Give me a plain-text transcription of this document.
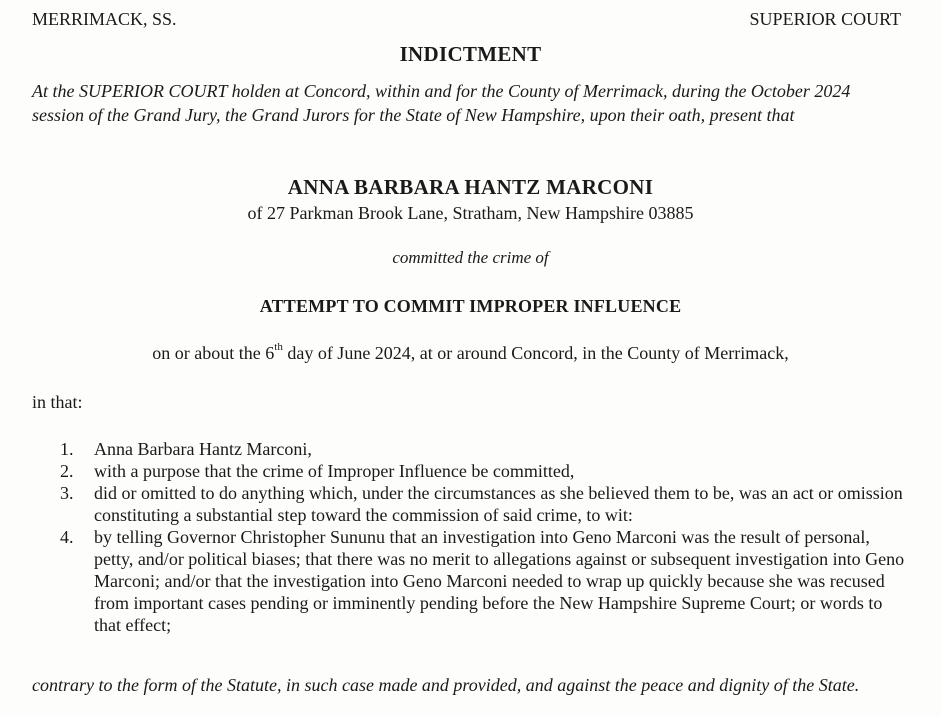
MERRIMACK, SS.	SUPERIOR COURT
INDICTMENT
At the SUPERIOR COURT holden at Concord, within and for the County of Merrimack, during the October 2024 session of the Grand Jury, the Grand Jurors for the State of New Hampshire, upon their oath, present that
ANNA BARBARA HANTZ MARCONI
of 27 Parkman Brook Lane, Stratham, New Hampshire 03885
committed the crime of
ATTEMPT TO COMMIT IMPROPER INFLUENCE
on or about the 6th day of June 2024, at or around Concord, in the County of Merrimack,
in that:
1. Anna Barbara Hantz Marconi,
2. with a purpose that the crime of Improper Influence be committed,
3. did or omitted to do anything which, under the circumstances as she believed them to be, was an act or omission constituting a substantial step toward the commission of said crime, to wit:
4. by telling Governor Christopher Sununu that an investigation into Geno Marconi was the result of personal, petty, and/or political biases; that there was no merit to allegations against or subsequent investigation into Geno Marconi; and/or that the investigation into Geno Marconi needed to wrap up quickly because she was recused from important cases pending or imminently pending before the New Hampshire Supreme Court; or words to that effect;
contrary to the form of the Statute, in such case made and provided, and against the peace and dignity of the State.
